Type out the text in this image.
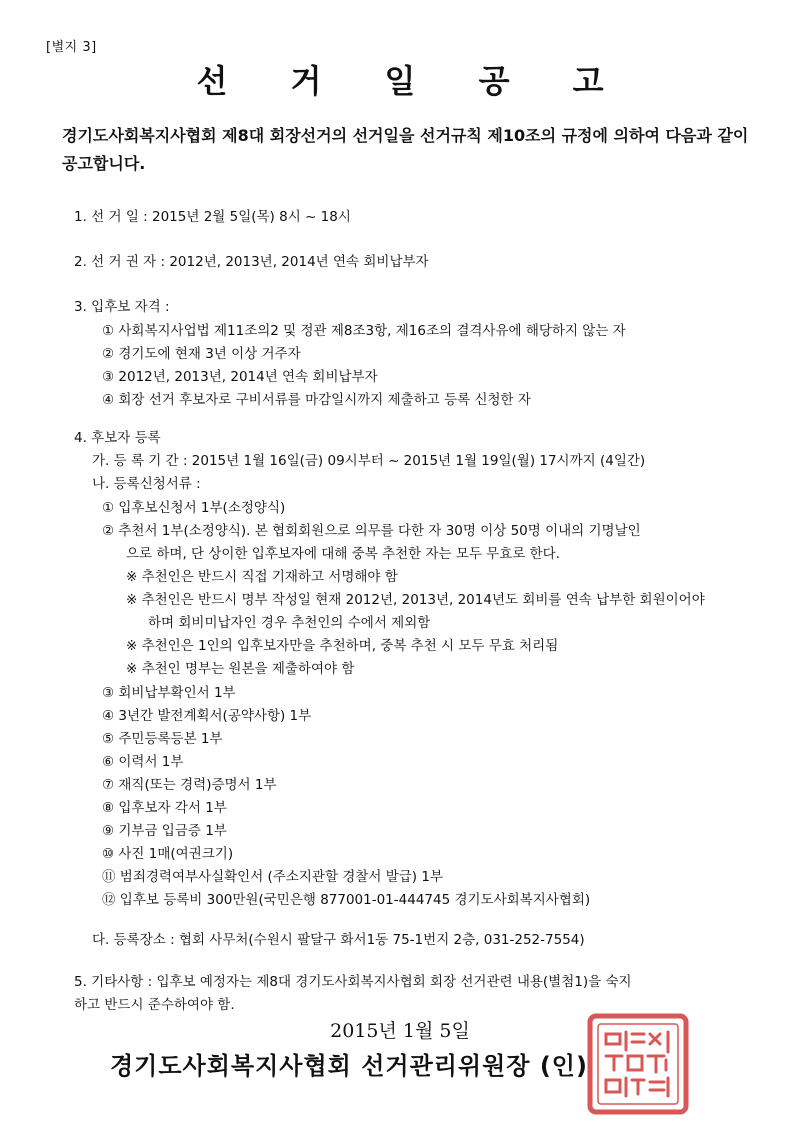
[별지 3]
선 거 일 공 고
경기도사회복지사협회 제8대 회장선거의 선거일을 선거규칙 제10조의 규정에 의하여 다음과 같이 공고합니다.
1. 선 거 일 : 2015년 2월 5일(목) 8시 ~ 18시
2. 선 거 권 자 : 2012년, 2013년, 2014년 연속 회비납부자
3. 입후보 자격 :
① 사회복지사업법 제11조의2 및 정관 제8조3항, 제16조의 결격사유에 해당하지 않는 자
② 경기도에 현재 3년 이상 거주자
③ 2012년, 2013년, 2014년 연속 회비납부자
④ 회장 선거 후보자로 구비서류를 마감일시까지 제출하고 등록 신청한 자
4. 후보자 등록
가. 등 록 기 간 : 2015년 1월 16일(금) 09시부터 ~ 2015년 1월 19일(월) 17시까지 (4일간)
나. 등록신청서류 :
① 입후보신청서 1부(소정양식)
② 추천서 1부(소정양식). 본 협회회원으로 의무를 다한 자 30명 이상 50명 이내의 기명날인
으로 하며, 단 상이한 입후보자에 대해 중복 추천한 자는 모두 무효로 한다.
※ 추천인은 반드시 직접 기재하고 서명해야 함
※ 추천인은 반드시 명부 작성일 현재 2012년, 2013년, 2014년도 회비를 연속 납부한 회원이어야
하며 회비미납자인 경우 추천인의 수에서 제외함
※ 추천인은 1인의 입후보자만을 추천하며, 중복 추천 시 모두 무효 처리됨
※ 추천인 명부는 원본을 제출하여야 함
③ 회비납부확인서 1부
④ 3년간 발전계획서(공약사항) 1부
⑤ 주민등록등본 1부
⑥ 이력서 1부
⑦ 재직(또는 경력)증명서 1부
⑧ 입후보자 각서 1부
⑨ 기부금 입금증 1부
⑩ 사진 1매(여권크기)
⑪ 범죄경력여부사실확인서 (주소지관할 경찰서 발급) 1부
⑫ 입후보 등록비 300만원(국민은행 877001-01-444745 경기도사회복지사협회)
다. 등록장소 : 협회 사무처(수원시 팔달구 화서1동 75-1번지 2층, 031-252-7554)
5. 기타사항 : 입후보 예정자는 제8대 경기도사회복지사협회 회장 선거관련 내용(별첨1)을 숙지
하고 반드시 준수하여야 함.
2015년 1월 5일
경기도사회복지사협회 선거관리위원장 (인)
